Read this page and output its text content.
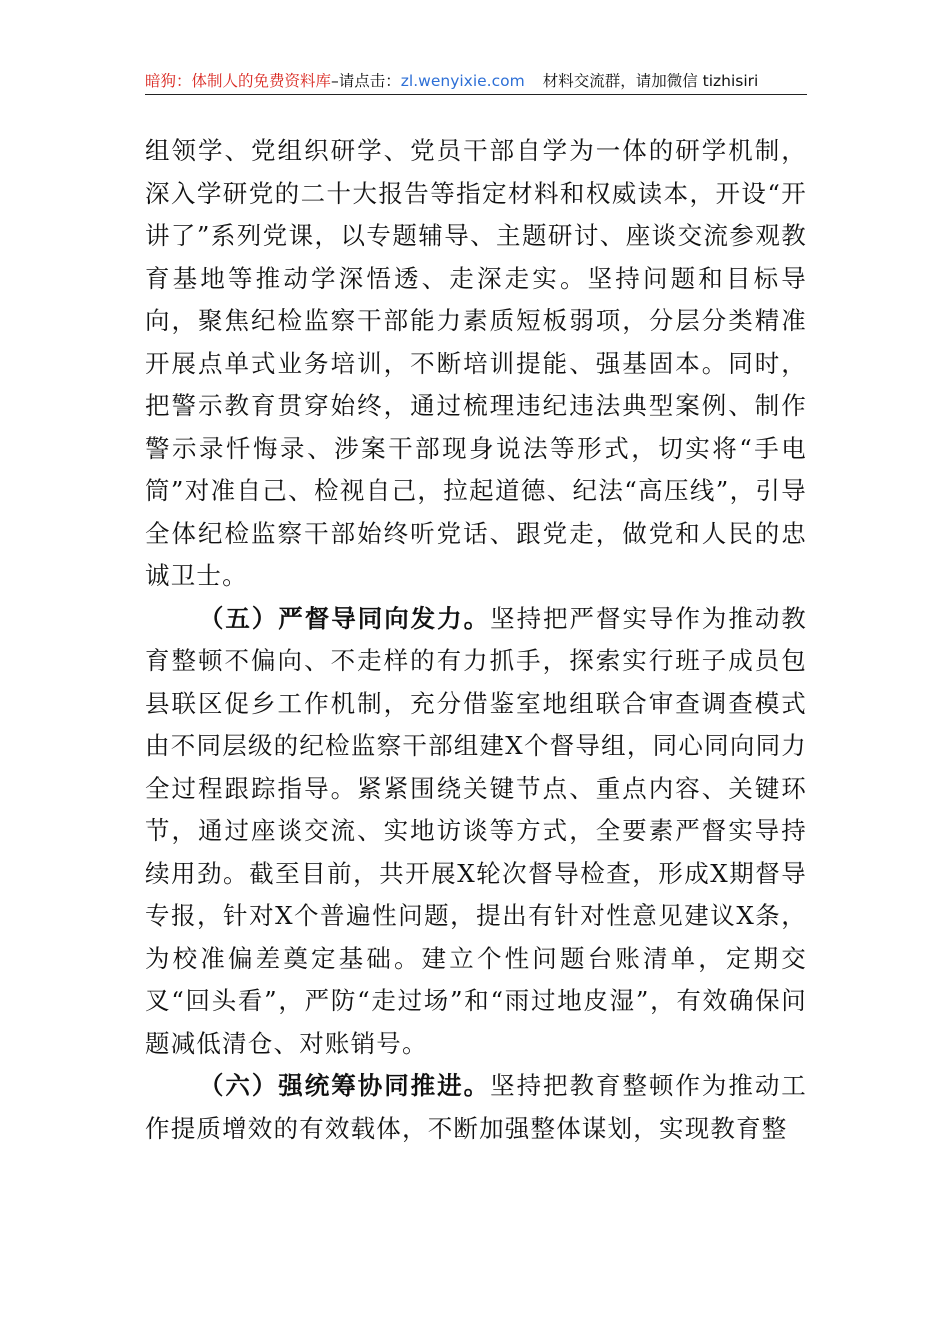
暗狗：体制人的免费资料库–请点击：zl.wenyixie.com 材料交流群，请加微信 tizhisiri

组领学、党组织研学、党员干部自学为一体的研学机制，深入学研党的二十大报告等指定材料和权威读本，开设“开讲了”系列党课，以专题辅导、主题研讨、座谈交流参观教育基地等推动学深悟透、走深走实。坚持问题和目标导向，聚焦纪检监察干部能力素质短板弱项，分层分类精准开展点单式业务培训，不断培训提能、强基固本。同时，把警示教育贯穿始终，通过梳理违纪违法典型案例、制作警示录忏悔录、涉案干部现身说法等形式，切实将“手电筒”对准自己、检视自己，拉起道德、纪法“高压线”，引导全体纪检监察干部始终听党话、跟党走，做党和人民的忠诚卫士。

（五）严督导同向发力。坚持把严督实导作为推动教育整顿不偏向、不走样的有力抓手，探索实行班子成员包县联区促乡工作机制，充分借鉴室地组联合审查调查模式由不同层级的纪检监察干部组建X个督导组，同心同向同力全过程跟踪指导。紧紧围绕关键节点、重点内容、关键环节，通过座谈交流、实地访谈等方式，全要素严督实导持续用劲。截至目前，共开展X轮次督导检查，形成X期督导专报，针对X个普遍性问题，提出有针对性意见建议X条，为校准偏差奠定基础。建立个性问题台账清单，定期交叉“回头看”，严防“走过场”和“雨过地皮湿”，有效确保问题减低清仓、对账销号。

（六）强统筹协同推进。坚持把教育整顿作为推动工作提质增效的有效载体，不断加强整体谋划，实现教育整
